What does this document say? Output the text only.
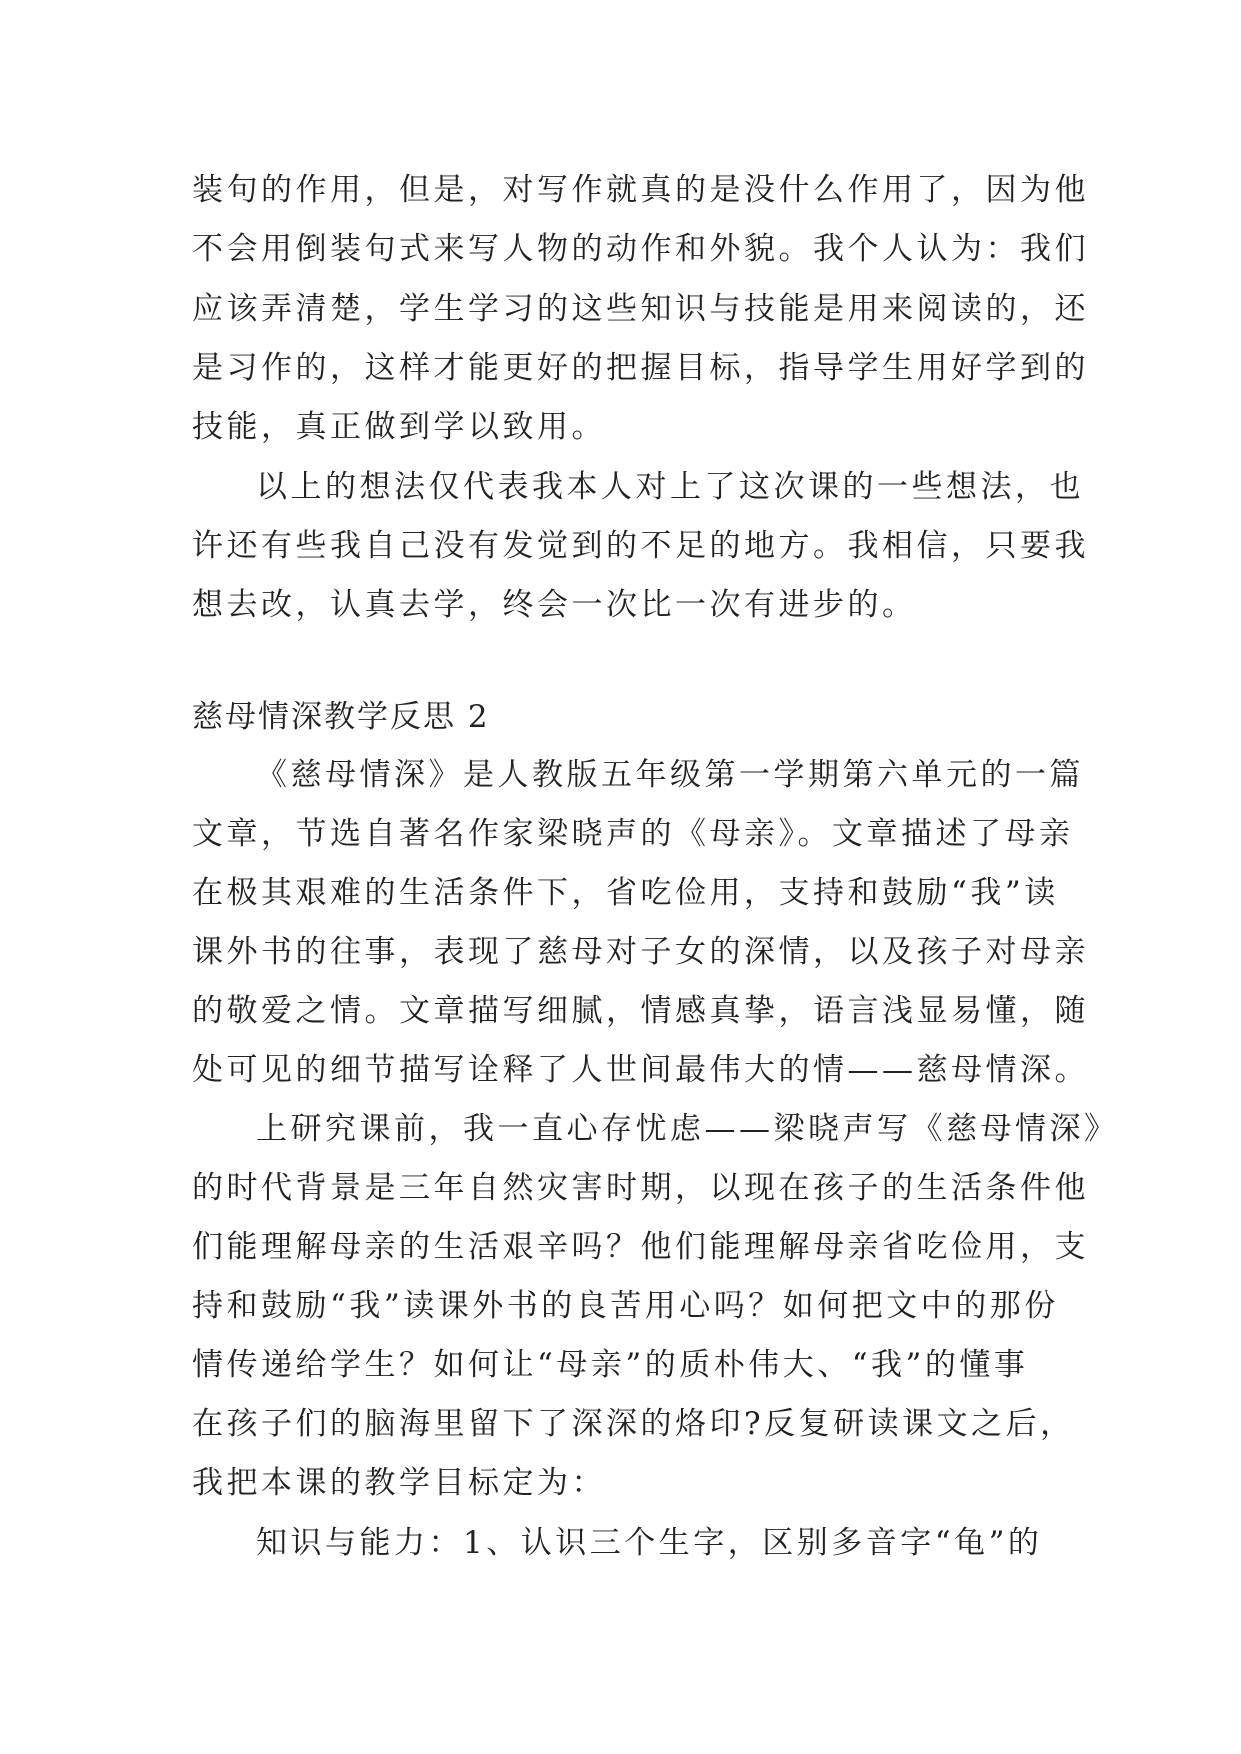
装句的作用，但是，对写作就真的是没什么作用了，因为他

不会用倒装句式来写人物的动作和外貌。我个人认为：我们

应该弄清楚，学生学习的这些知识与技能是用来阅读的，还

是习作的，这样才能更好的把握目标，指导学生用好学到的

技能，真正做到学以致用。

以上的想法仅代表我本人对上了这次课的一些想法，也

许还有些我自己没有发觉到的不足的地方。我相信，只要我

想去改，认真去学，终会一次比一次有进步的。

慈母情深教学反思 2

《慈母情深》是人教版五年级第一学期第六单元的一篇

文章，节选自著名作家梁晓声的《母亲》。文章描述了母亲

在极其艰难的生活条件下，省吃俭用，支持和鼓励“我”读

课外书的往事，表现了慈母对子女的深情，以及孩子对母亲

的敬爱之情。文章描写细腻，情感真挚，语言浅显易懂，随

处可见的细节描写诠释了人世间最伟大的情——慈母情深。

上研究课前，我一直心存忧虑——梁晓声写《慈母情深》

的时代背景是三年自然灾害时期，以现在孩子的生活条件他

们能理解母亲的生活艰辛吗？他们能理解母亲省吃俭用，支

持和鼓励“我”读课外书的良苦用心吗？如何把文中的那份

情传递给学生？如何让“母亲”的质朴伟大、“我”的懂事

在孩子们的脑海里留下了深深的烙印?反复研读课文之后，

我把本课的教学目标定为：

知识与能力：1、认识三个生字，区别多音字“龟”的
